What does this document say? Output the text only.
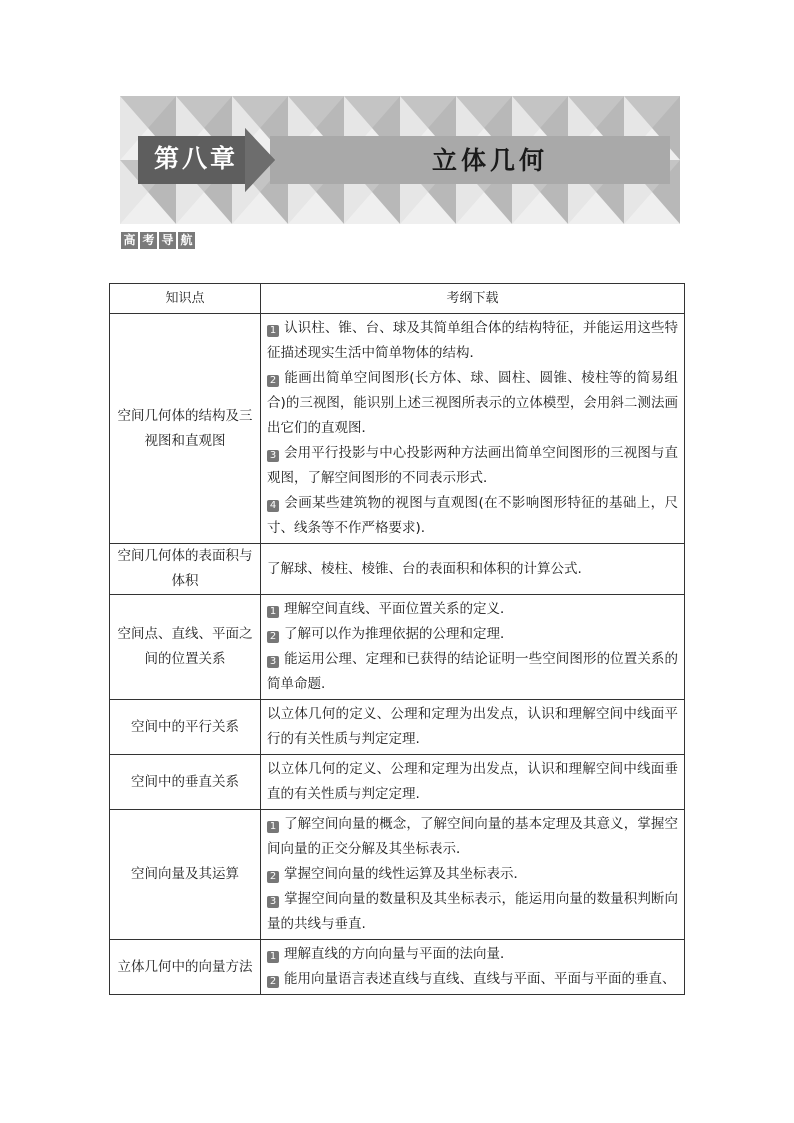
第八章	立体几何
高 考 导 航
知识点	考纲下载
空间几何体的结构及三视图和直观图	1 认识柱、锥、台、球及其简单组合体的结构特征，并能运用这些特征描述现实生活中简单物体的结构．
2 能画出简单空间图形(长方体、球、圆柱、圆锥、棱柱等的简易组合)的三视图，能识别上述三视图所表示的立体模型，会用斜二测法画出它们的直观图．
3 会用平行投影与中心投影两种方法画出简单空间图形的三视图与直观图，了解空间图形的不同表示形式．
4 会画某些建筑物的视图与直观图(在不影响图形特征的基础上，尺寸、线条等不作严格要求).

空间几何体的表面积与体积	了解球、棱柱、棱锥、台的表面积和体积的计算公式.

空间点、直线、平面之间的位置关系	1 理解空间直线、平面位置关系的定义．
2 了解可以作为推理依据的公理和定理．
3 能运用公理、定理和已获得的结论证明一些空间图形的位置关系的简单命题.

空间中的平行关系	以立体几何的定义、公理和定理为出发点，认识和理解空间中线面平行的有关性质与判定定理.

空间中的垂直关系	以立体几何的定义、公理和定理为出发点，认识和理解空间中线面垂直的有关性质与判定定理.

空间向量及其运算	1 了解空间向量的概念，了解空间向量的基本定理及其意义，掌握空间向量的正交分解及其坐标表示．
2 掌握空间向量的线性运算及其坐标表示．
3 掌握空间向量的数量积及其坐标表示，能运用向量的数量积判断向量的共线与垂直.

立体几何中的向量方法	1 理解直线的方向向量与平面的法向量．
2 能用向量语言表述直线与直线、直线与平面、平面与平面的垂直、
